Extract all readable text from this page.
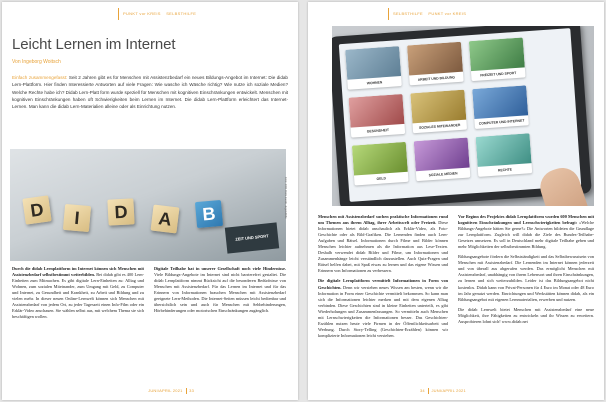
PUNKT vor KREIS SELBSTHILFE
Leicht Lernen im Internet
Von Ingeborg Woitsch
Einfach zusammengefasst: Seit 2 Jahren gibt es für Menschen mit Assistenzbedarf ein neues Bildungs-Angebot im Internet: Die didab Lern-Plattform. Hier finden Interessierte Antworten auf viele Fragen: Wie wasche ich Wäsche richtig? Wie nutze ich soziale Medien? Welche Rechte habe ich? Didab Lern-Platt form wurde speziell für Menschen mit kognitiven Einschränkungen entwickelt. Menschen mit kognitiven Einschränkungen haben oft Schwierigkeiten beim Lernen im Internet. Die didab Lern-Plattform erleichtert das Internet-Lernen. Man kann die didab Lern-Materialien alleine oder als Einrichtung nutzen.
D	I	D	A	B
ZEIT UND SPORT
Foto: 2021 Doris Jacob, Jugendhilfe
Durch die didab Lernplattform im Internet können sich Menschen mit Assistenzbedarf selbstbestimmt weiterbilden. Bei didab gibt es 400 Lern-Einheiten zum Mitmachen. Es gibt digitale Lern-Einheiten zu: Alltag und Wohnen, zum sozialen Miteinander, zum Umgang mit Geld, zu Computer und Internet, zu Gesundheit und Krankheit, zu Arbeit und Bildung und zu vielen mehr. In dieser neuen Online-Lernwelt können sich Menschen mit Assistenzbedarf von jedem Ort, zu jeder Tageszeit einen Info-Film oder ein Erklär-Video anschauen. Sie wählen selbst aus, mit welchem Thema sie sich beschäftigen wollen.
Digitale Teilhabe hat in unserer Gesellschaft noch viele Hindernisse. Viele Bildungs-Angebote im Internet sind nicht barrierefrei gestaltet. Die didab Lernplattform nimmt Rücksicht auf die besonderen Bedürfnisse von Menschen mit Assistenzbedarf. Für das Lernen im Internet und für das Erinnern von Informationen brauchen Menschen mit Assistenzbedarf geeignete Lern-Methoden. Die Internet-Seiten müssen leicht bedienbar und übersichtlich sein und auch für Menschen mit Sehbehinderungen, Hörbehinderungen oder motorischen Einschränkungen zugänglich.
JUNI/APRIL 2021 33
SELBSTHILFE PUNKT vor KREIS
WOHNEN
ARBEIT UND BILDUNG
FREIZEIT UND SPORT
GESUNDHEIT
SOZIALES MITEINANDER
COMPUTER UND INTERNET
GELD
SOZIALE MEDIEN
RECHTE

Menschen mit Assistenzbedarf suchen praktische Informationen rund um Themen aus ihrem Alltag, ihrer Arbeitswelt oder Freizeit. Diese Informationen bietet didab anschaulich als Erklär-Video, als Foto-Geschichte oder als Bild-Grafiken. Die Lernenden finden auch Lern-Aufgaben und Rätsel. Informationen durch Filme und Bilder können Menschen leichter aufnehmen als die Information aus Lese-Texten. Deshalb verwendet didab Bilder und Filme, um Informationen und Zusammenhänge leicht verständlich darzustellen. Auch Quiz-Fragen und Rätsel helfen dabei, mit Spaß etwas zu lernen und das eigene Wissen und Erinnern von Informationen zu verbessern.

Die digitale Lernplattform vermittelt Informationen in Form von Geschichten. Denn wir verstehen neues Wissen am besten, wenn wir die Information in Form einer Geschichte vermittelt bekommen. So kann man sich die Informationen leichter merken und mit dem eigenen Alltag verbinden. Diese Geschichten sind in kleine Einheiten unterteilt, es gibt Wiederholungen und Zusammenfassungen. So vermitteln auch Menschen mit Lernschwierigkeiten die Informationen besser. Das Geschichten-Erzählen nutzen heute viele Firmen in der Öffentlichkeitsarbeit und Werbung. Durch Story-Telling (Geschichten-Erzählen) können wir komplizierte Informationen leicht verstehen.

Vor Beginn des Projektes didab Lernplattform wurden 600 Menschen mit kognitiven Einschränkungen und Lernschwierigkeiten befragt: »Welche Bildungs-Angebote hätten Sie gerne?« Die Antworten bildeten die Grundlage zur Lernplattform. Zugleich will didab die Ziele des Bundes-Teilhabe-Gesetzes umsetzen. Es soll in Deutschland mehr digitale Teilhabe geben und mehr Möglichkeiten der selbstbestimmten Bildung.

Bildungsangebote fördern die Selbstständigkeit und das Selbstbewusstsein von Menschen mit Assistenzbedarf. Die Lernenden im Internet können jederzeit und von überall aus abgerufen werden. Das ermöglicht Menschen mit Assistenzbedarf, unabhängig von ihrem Lebensort und ihren Einschränkungen, zu lernen und sich weiterzubilden. Leider ist das Bildungsangebot nicht kostenlos. Didab kann von Privat-Personen für 4 Euro im Monat oder 48 Euro im Jahr genutzt werden. Einrichtungen und Werkstätten können didab, als ein Bildungsangebot mit eigenen Lernmaterialien, erwerben und nutzen.

Die didab Lernwelt bietet Menschen mit Assistenzbedarf eine neue Möglichkeit, ihre Fähigkeiten zu entwickeln und ihr Wissen zu erweitern. Ausprobieren lohnt sich! www.didab.net

34 JUNI/APRIL 2021
